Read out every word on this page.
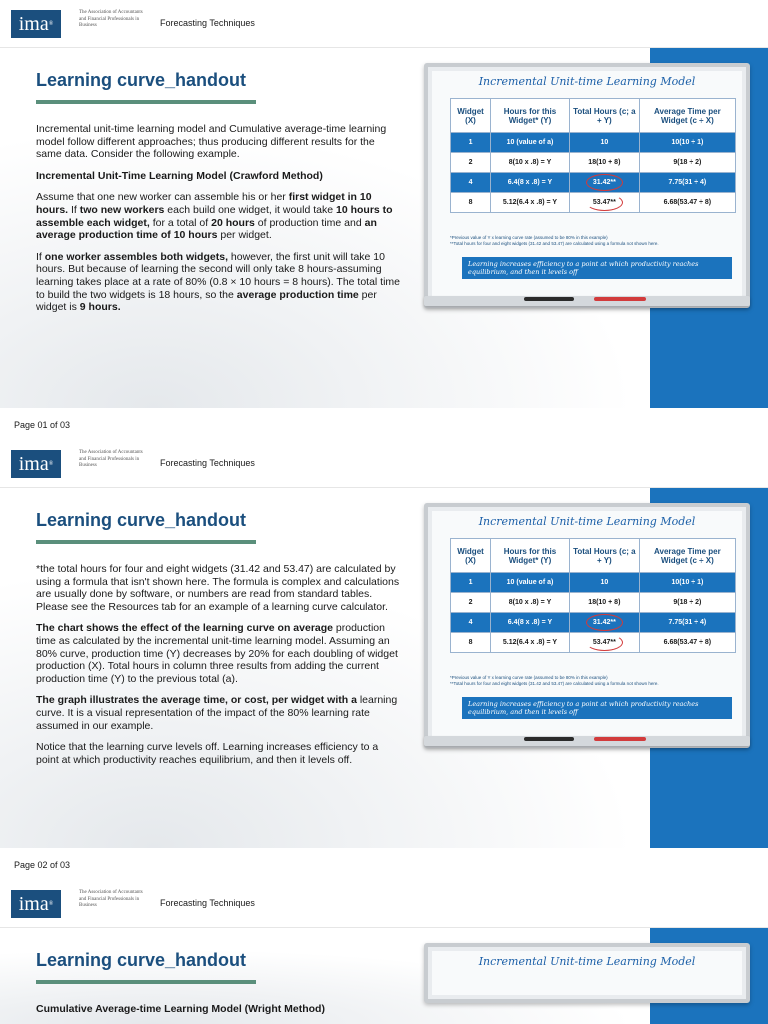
ima®
The Association of Accountants and Financial Professionals in Business	Forecasting Techniques
Learning curve_handout

Incremental unit-time learning model and Cumulative average-time learning model follow different approaches; thus producing different results for the same data. Consider the following example.

Incremental Unit-Time Learning Model (Crawford Method)

Assume that one new worker can assemble his or her first widget in 10 hours. If two new workers each build one widget, it would take 10 hours to assemble each widget, for a total of 20 hours of production time and an average production time of 10 hours per widget.

If one worker assembles both widgets, however, the first unit will take 10 hours. But because of learning the second will only take 8 hours-assuming learning takes place at a rate of 80% (0.8 × 10 hours = 8 hours). The total time to build the two widgets is 18 hours, so the average production time per widget is 9 hours.

Incremental Unit-time Learning Model
Widget (X)	Hours for this Widget* (Y)	Total Hours (c; a + Y)	Average Time per Widget (c ÷ X)
1	10 (value of a)	10	10(10 ÷ 1)
2	8(10 x .8) = Y	18(10 + 8)	9(18 ÷ 2)
4	6.4(8 x .8) = Y	31.42**	7.75(31 ÷ 4)
8	5.12(6.4 x .8) = Y	53.47**	6.68(53.47 ÷ 8)
*Previous value of Y x learning curve rate (assumed to be 80% in this example)
**Total hours for four and eight widgets (31.42 and 53.47) are calculated using a formula not shown here.
Learning increases efficiency to a point at which productivity reaches equilibrium, and then it levels off
Page 01 of 03
ima®
The Association of Accountants and Financial Professionals in Business	Forecasting Techniques
Learning curve_handout

*the total hours for four and eight widgets (31.42 and 53.47) are calculated by using a formula that isn't shown here. The formula is complex and calculations are usually done by software, or numbers are read from standard tables. Please see the Resources tab for an example of a learning curve calculator.

The chart shows the effect of the learning curve on average production time as calculated by the incremental unit-time learning model. Assuming an 80% curve, production time (Y) decreases by 20% for each doubling of widget production (X). Total hours in column three results from adding the current production time (Y) to the previous total (a).

The graph illustrates the average time, or cost, per widget with a learning curve. It is a visual representation of the impact of the 80% learning rate assumed in our example.

Notice that the learning curve levels off. Learning increases efficiency to a point at which productivity reaches equilibrium, and then it levels off.

Incremental Unit-time Learning Model
Widget (X)	Hours for this Widget* (Y)	Total Hours (c; a + Y)	Average Time per Widget (c ÷ X)
1	10 (value of a)	10	10(10 ÷ 1)
2	8(10 x .8) = Y	18(10 + 8)	9(18 ÷ 2)
4	6.4(8 x .8) = Y	31.42**	7.75(31 ÷ 4)
8	5.12(6.4 x .8) = Y	53.47**	6.68(53.47 ÷ 8)
*Previous value of Y x learning curve rate (assumed to be 80% in this example)
**Total hours for four and eight widgets (31.42 and 53.47) are calculated using a formula not shown here.
Learning increases efficiency to a point at which productivity reaches equilibrium, and then it levels off
Page 02 of 03
ima®
The Association of Accountants and Financial Professionals in Business	Forecasting Techniques
Learning curve_handout

Cumulative Average-time Learning Model (Wright Method)

Incremental Unit-time Learning Model
